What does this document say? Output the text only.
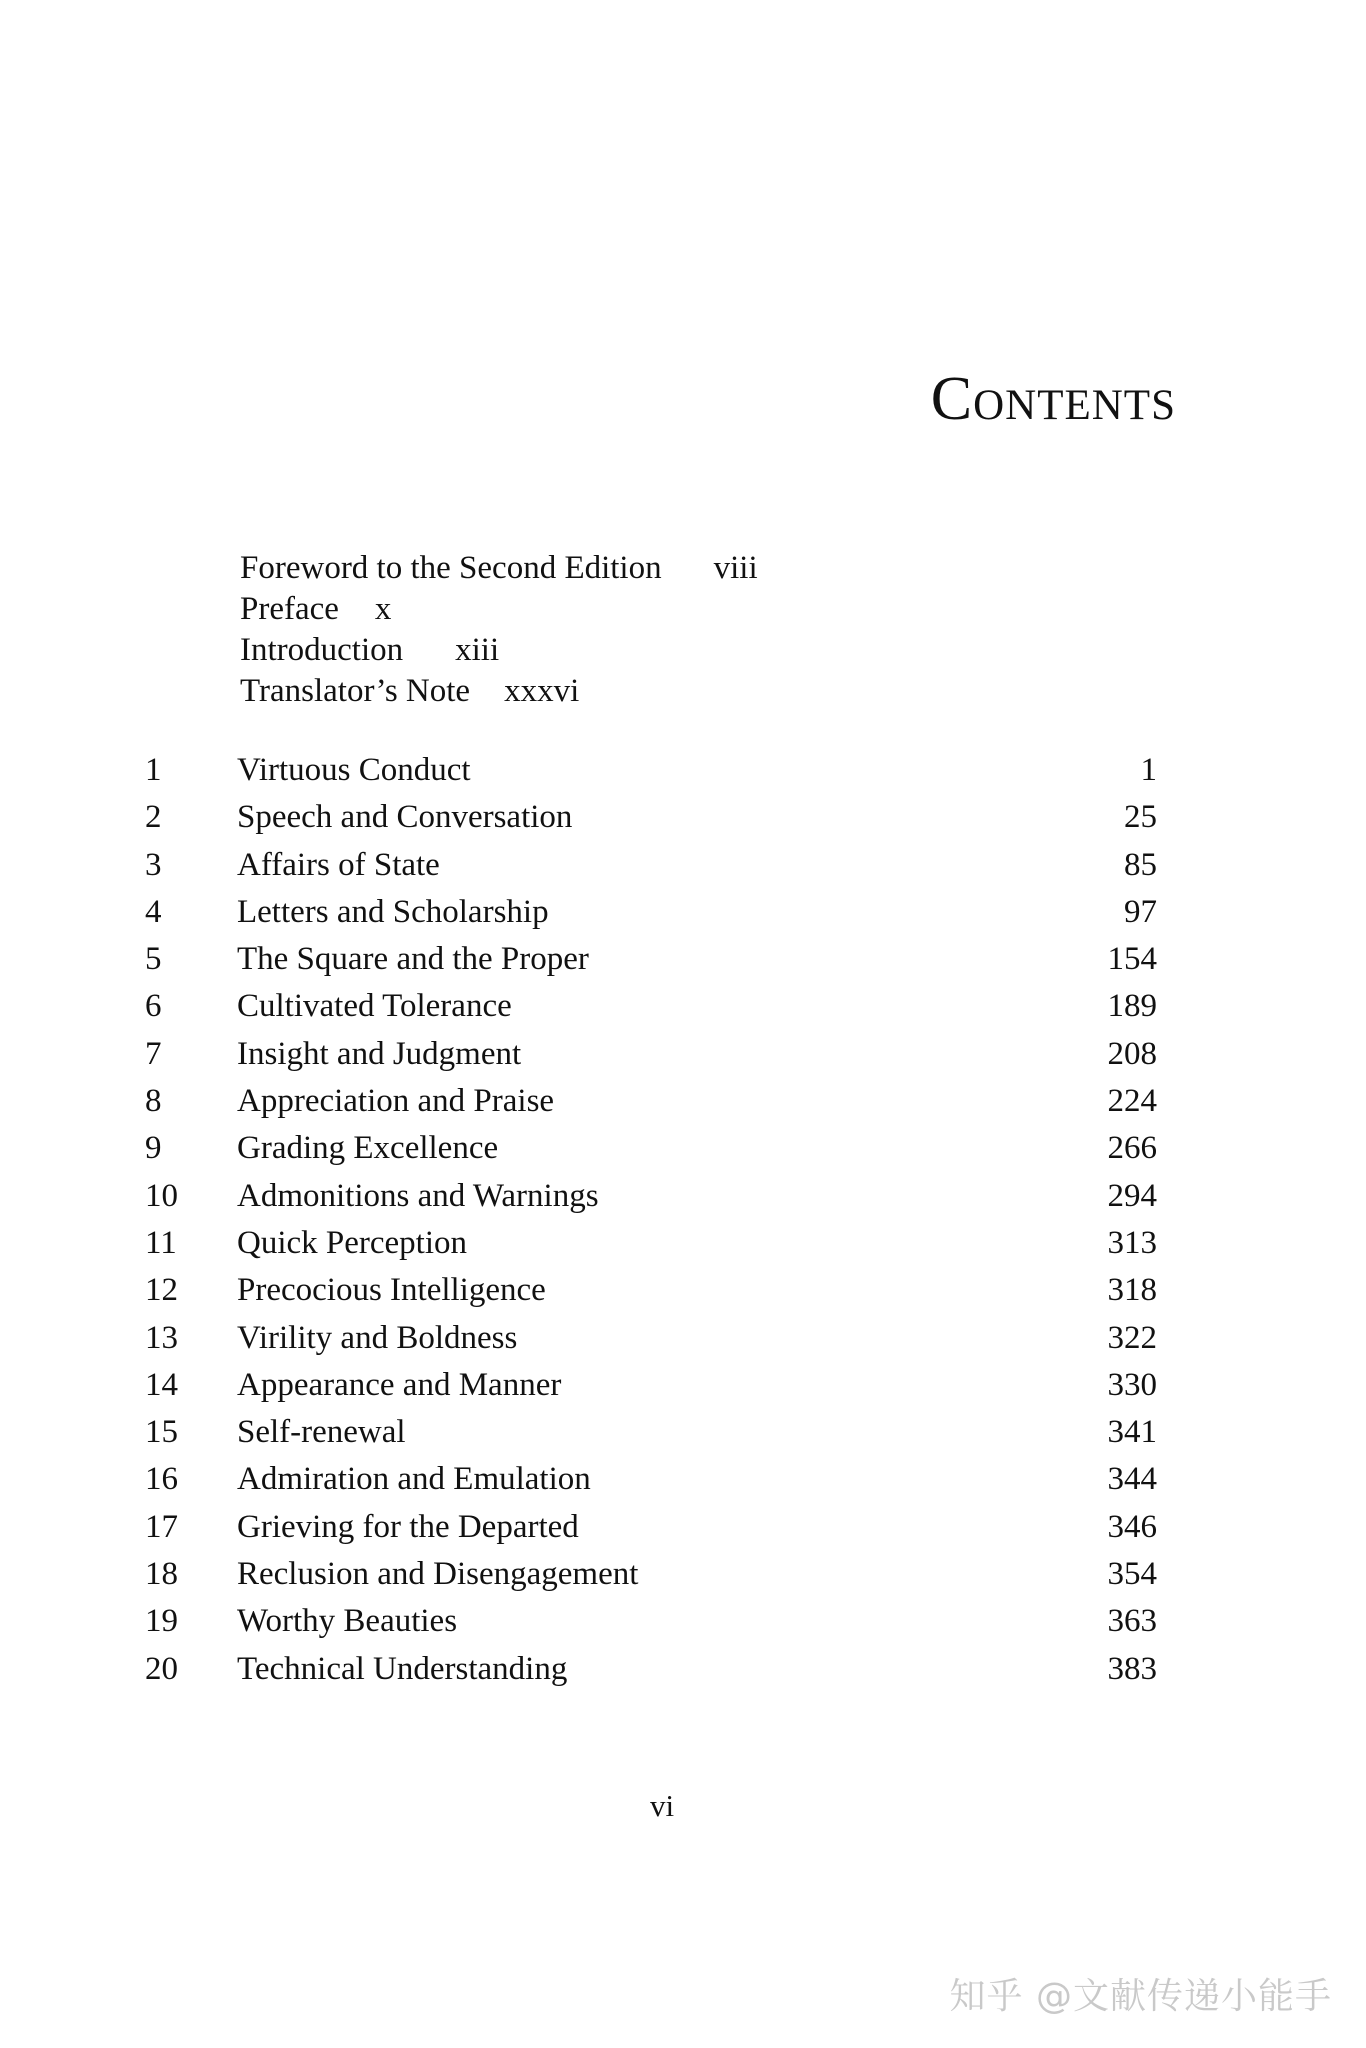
Contents
Foreword to the Second Edition viii
Preface x
Introduction xiii
Translator’s Note xxxvi
1 Virtuous Conduct	1
2 Speech and Conversation	25
3 Affairs of State	85
4 Letters and Scholarship	97
5 The Square and the Proper	154
6 Cultivated Tolerance	189
7 Insight and Judgment	208
8 Appreciation and Praise	224
9 Grading Excellence	266
10 Admonitions and Warnings	294
11 Quick Perception	313
12 Precocious Intelligence	318
13 Virility and Boldness	322
14 Appearance and Manner	330
15 Self-renewal	341
16 Admiration and Emulation	344
17 Grieving for the Departed	346
18 Reclusion and Disengagement	354
19 Worthy Beauties	363
20 Technical Understanding	383
vi
知乎 @文献传递小能手
